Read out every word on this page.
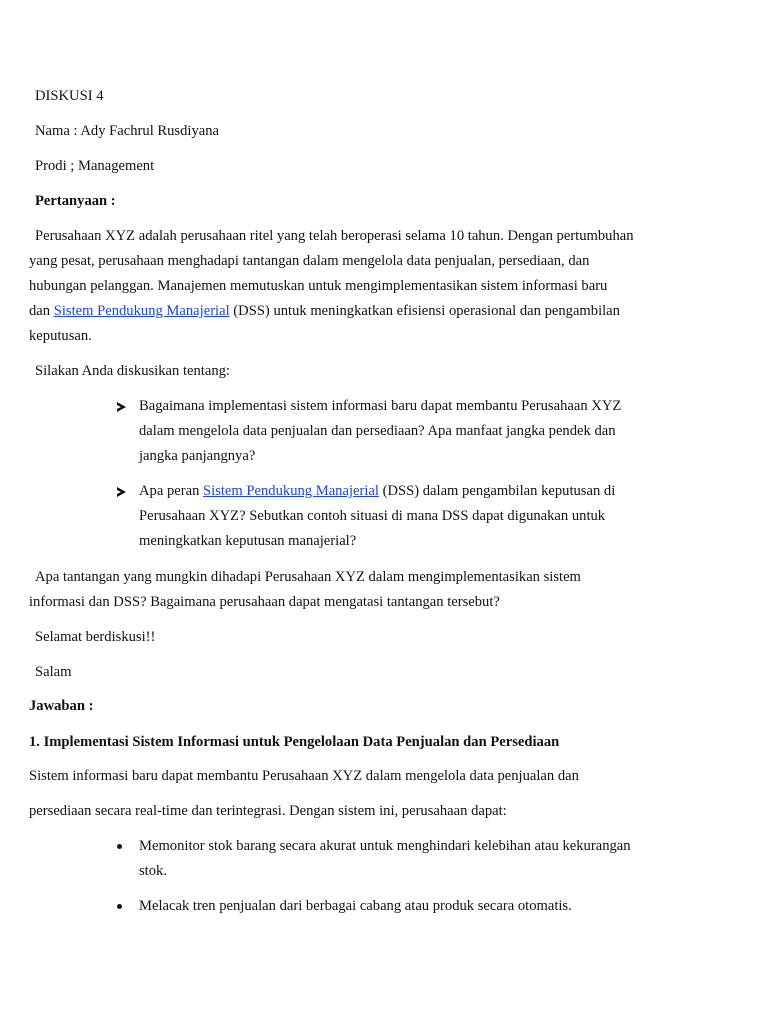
DISKUSI 4
Nama : Ady Fachrul Rusdiyana
Prodi ; Management
Pertanyaan :
Perusahaan XYZ adalah perusahaan ritel yang telah beroperasi selama 10 tahun. Dengan pertumbuhan
yang pesat, perusahaan menghadapi tantangan dalam mengelola data penjualan, persediaan, dan
hubungan pelanggan. Manajemen memutuskan untuk mengimplementasikan sistem informasi baru
dan Sistem Pendukung Manajerial (DSS) untuk meningkatkan efisiensi operasional dan pengambilan
keputusan.
Silakan Anda diskusikan tentang:
Bagaimana implementasi sistem informasi baru dapat membantu Perusahaan XYZ
dalam mengelola data penjualan dan persediaan? Apa manfaat jangka pendek dan
jangka panjangnya?
Apa peran Sistem Pendukung Manajerial (DSS) dalam pengambilan keputusan di
Perusahaan XYZ? Sebutkan contoh situasi di mana DSS dapat digunakan untuk
meningkatkan keputusan manajerial?
Apa tantangan yang mungkin dihadapi Perusahaan XYZ dalam mengimplementasikan sistem
informasi dan DSS? Bagaimana perusahaan dapat mengatasi tantangan tersebut?
Selamat berdiskusi!!
Salam
Jawaban :
1. Implementasi Sistem Informasi untuk Pengelolaan Data Penjualan dan Persediaan
Sistem informasi baru dapat membantu Perusahaan XYZ dalam mengelola data penjualan dan
persediaan secara real-time dan terintegrasi. Dengan sistem ini, perusahaan dapat:
Memonitor stok barang secara akurat untuk menghindari kelebihan atau kekurangan
stok.
Melacak tren penjualan dari berbagai cabang atau produk secara otomatis.
